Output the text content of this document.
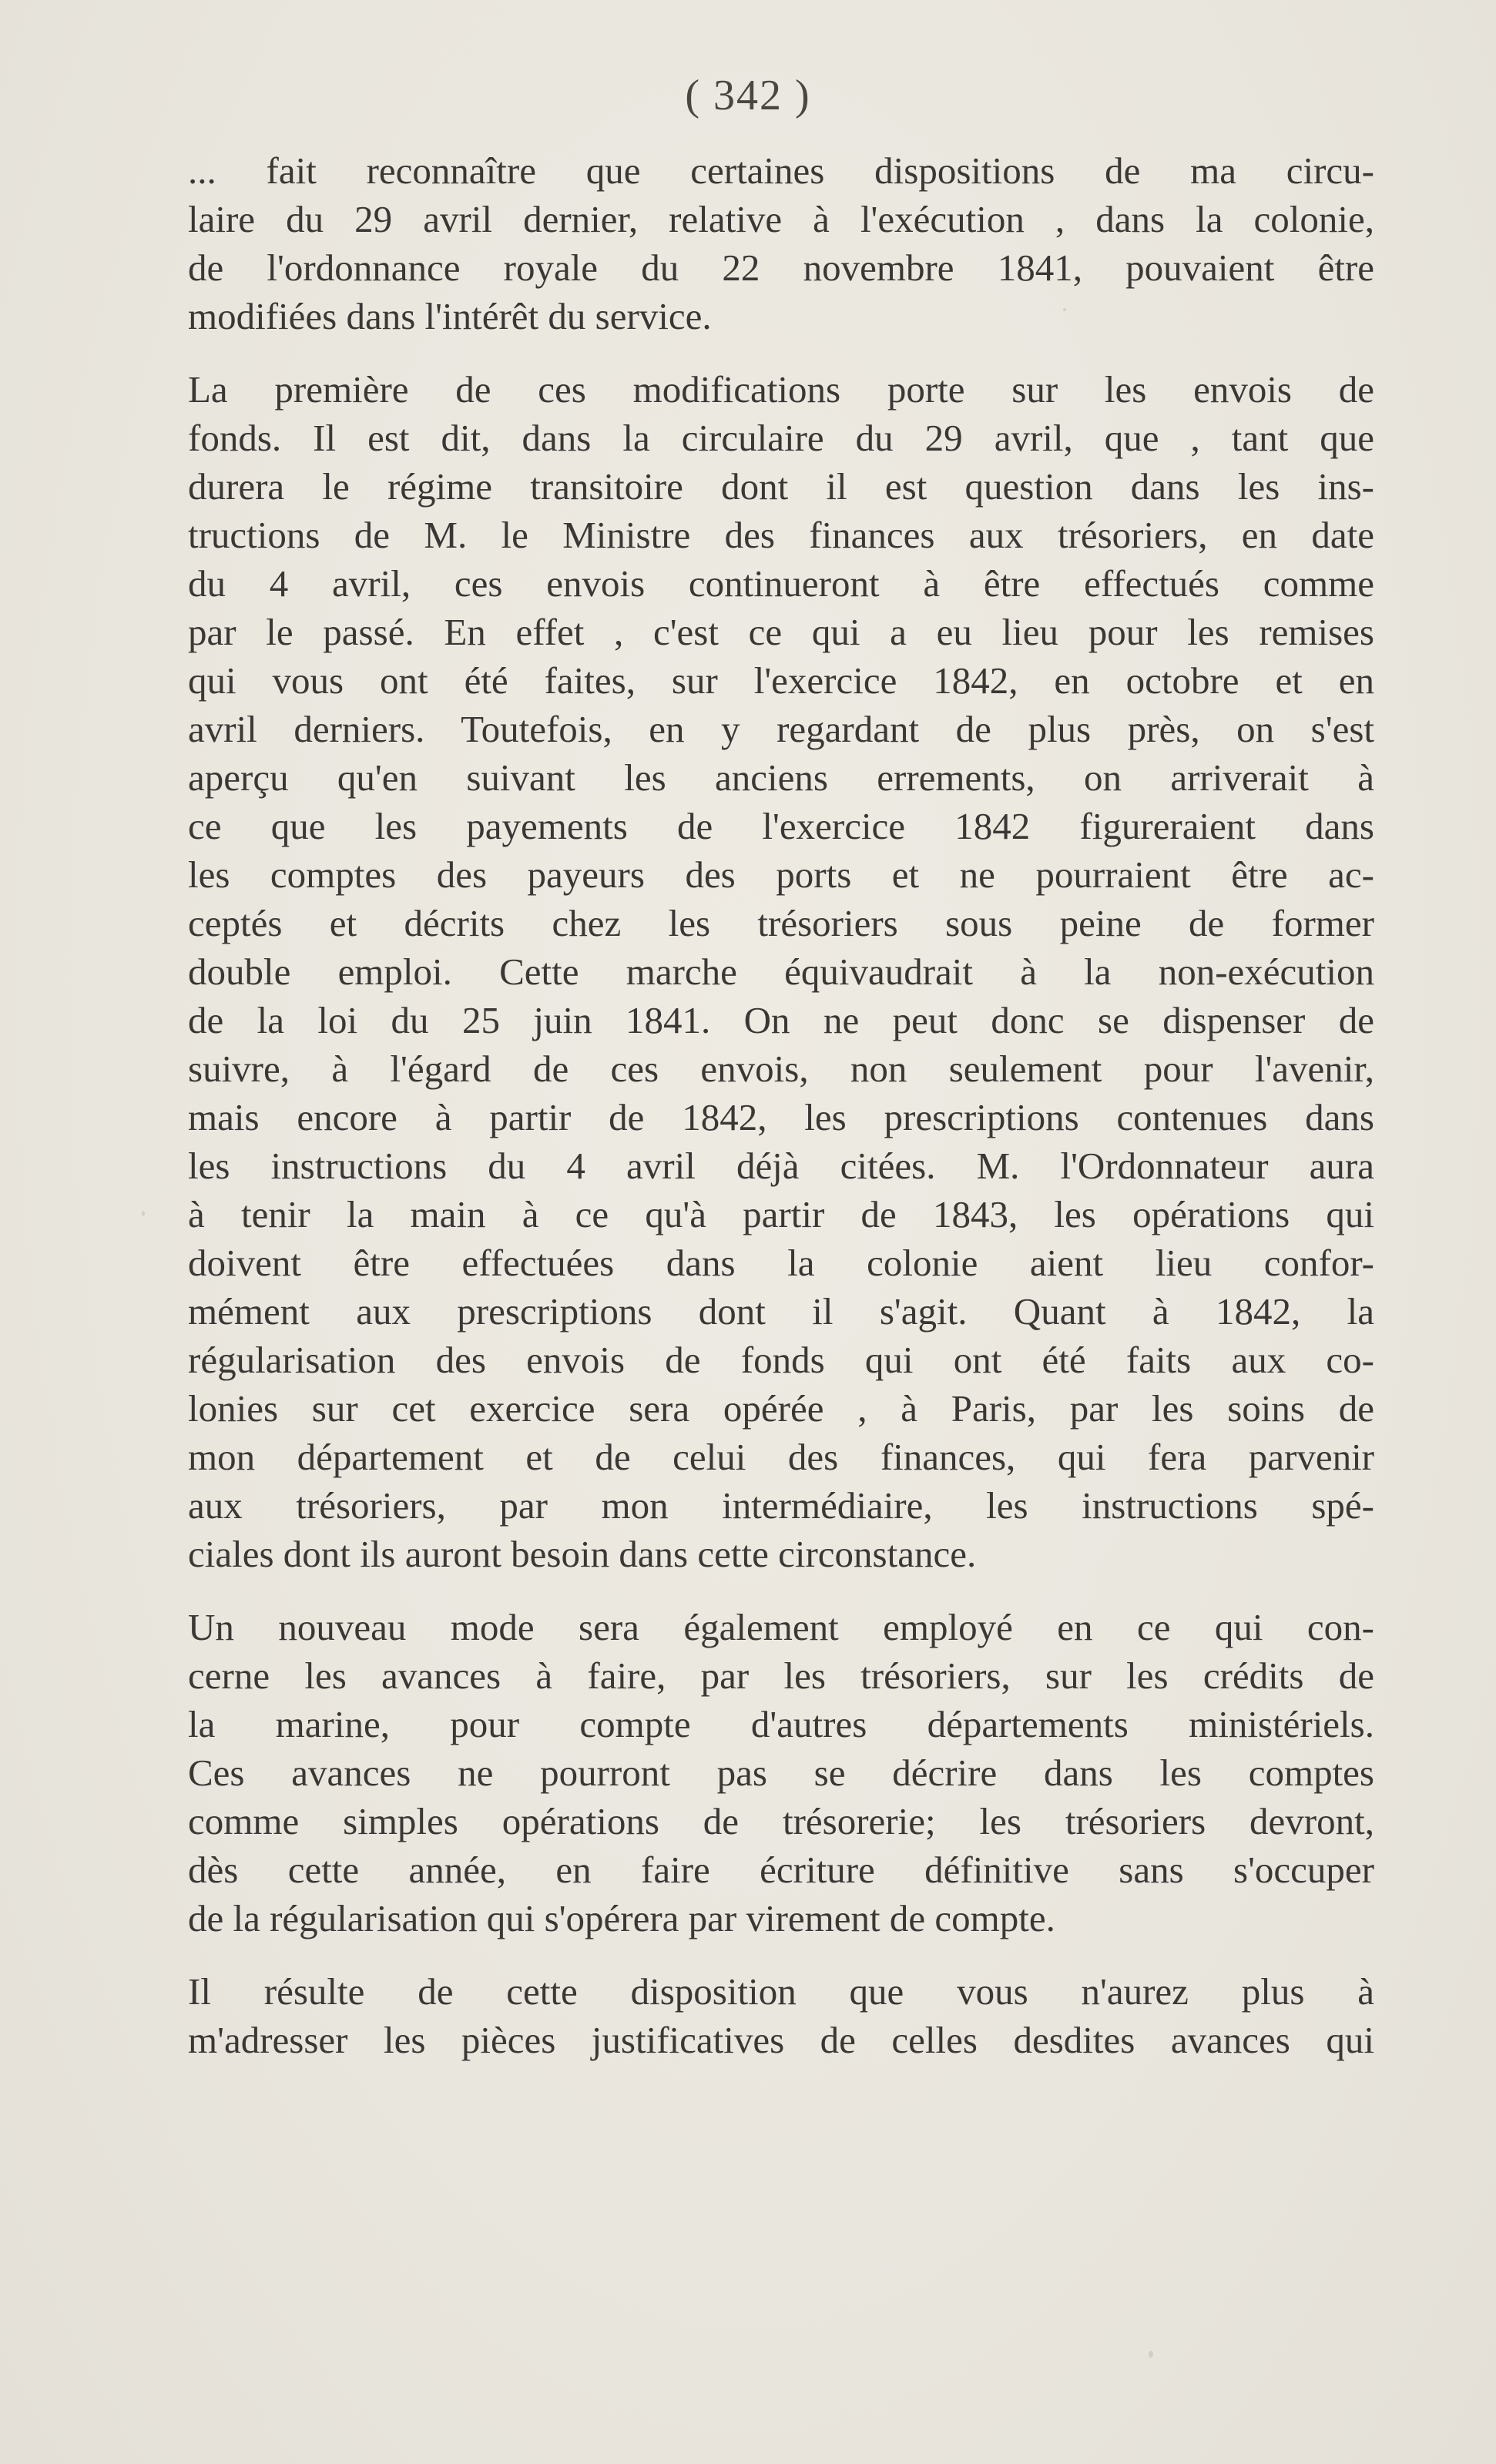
( 342 )

... fait reconnaître que certaines dispositions de ma circu-
laire du 29 avril dernier, relative à l'exécution , dans la colonie,
de l'ordonnance royale du 22 novembre 1841, pouvaient être
modifiées dans l'intérêt du service.

La première de ces modifications porte sur les envois de
fonds. Il est dit, dans la circulaire du 29 avril, que , tant que
durera le régime transitoire dont il est question dans les ins-
tructions de M. le Ministre des finances aux trésoriers, en date
du 4 avril, ces envois continueront à être effectués comme
par le passé. En effet , c'est ce qui a eu lieu pour les remises
qui vous ont été faites, sur l'exercice 1842, en octobre et en
avril derniers. Toutefois, en y regardant de plus près, on s'est
aperçu qu'en suivant les anciens errements, on arriverait à
ce que les payements de l'exercice 1842 figureraient dans
les comptes des payeurs des ports et ne pourraient être ac-
ceptés et décrits chez les trésoriers sous peine de former
double emploi. Cette marche équivaudrait à la non-exécution
de la loi du 25 juin 1841. On ne peut donc se dispenser de
suivre, à l'égard de ces envois, non seulement pour l'avenir,
mais encore à partir de 1842, les prescriptions contenues dans
les instructions du 4 avril déjà citées. M. l'Ordonnateur aura
à tenir la main à ce qu'à partir de 1843, les opérations qui
doivent être effectuées dans la colonie aient lieu confor-
mément aux prescriptions dont il s'agit. Quant à 1842, la
régularisation des envois de fonds qui ont été faits aux co-
lonies sur cet exercice sera opérée , à Paris, par les soins de
mon département et de celui des finances, qui fera parvenir
aux trésoriers, par mon intermédiaire, les instructions spé-
ciales dont ils auront besoin dans cette circonstance.

Un nouveau mode sera également employé en ce qui con-
cerne les avances à faire, par les trésoriers, sur les crédits de
la marine, pour compte d'autres départements ministériels.
Ces avances ne pourront pas se décrire dans les comptes
comme simples opérations de trésorerie; les trésoriers devront,
dès cette année, en faire écriture définitive sans s'occuper
de la régularisation qui s'opérera par virement de compte.

Il résulte de cette disposition que vous n'aurez plus à
m'adresser les pièces justificatives de celles desdites avances qui
